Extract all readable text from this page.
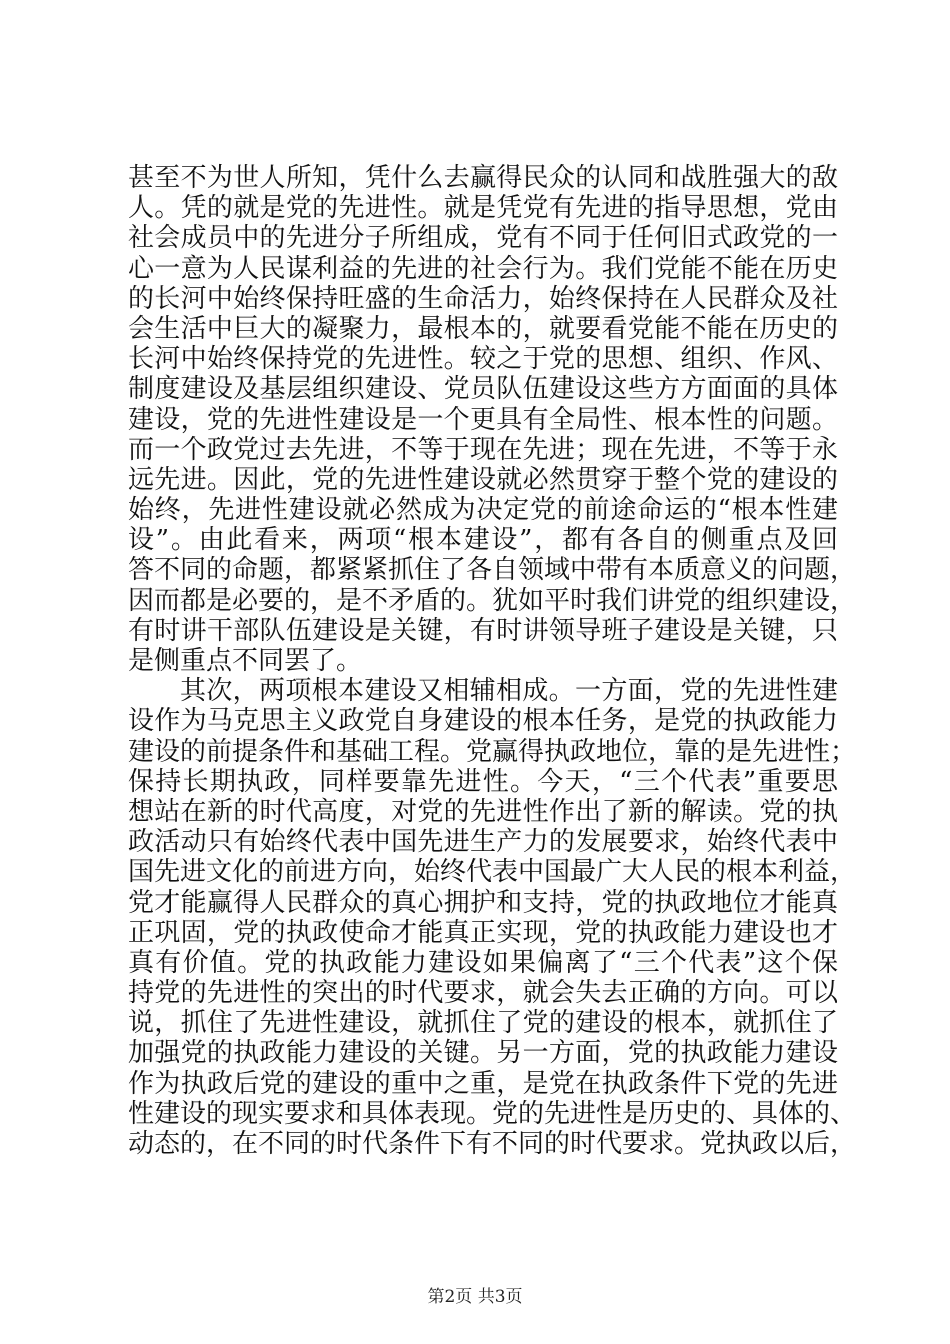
甚至不为世人所知，凭什么去赢得民众的认同和战胜强大的敌
人。凭的就是党的先进性。就是凭党有先进的指导思想，党由
社会成员中的先进分子所组成，党有不同于任何旧式政党的一
心一意为人民谋利益的先进的社会行为。我们党能不能在历史
的长河中始终保持旺盛的生命活力，始终保持在人民群众及社
会生活中巨大的凝聚力，最根本的，就要看党能不能在历史的
长河中始终保持党的先进性。较之于党的思想、组织、作风、
制度建设及基层组织建设、党员队伍建设这些方方面面的具体
建设，党的先进性建设是一个更具有全局性、根本性的问题。
而一个政党过去先进，不等于现在先进；现在先进，不等于永
远先进。因此，党的先进性建设就必然贯穿于整个党的建设的
始终，先进性建设就必然成为决定党的前途命运的“根本性建
设”。由此看来，两项“根本建设”，都有各自的侧重点及回
答不同的命题，都紧紧抓住了各自领域中带有本质意义的问题，
因而都是必要的，是不矛盾的。犹如平时我们讲党的组织建设，
有时讲干部队伍建设是关键，有时讲领导班子建设是关键，只
是侧重点不同罢了。
其次，两项根本建设又相辅相成。一方面，党的先进性建
设作为马克思主义政党自身建设的根本任务，是党的执政能力
建设的前提条件和基础工程。党赢得执政地位，靠的是先进性；
保持长期执政，同样要靠先进性。今天，“三个代表”重要思
想站在新的时代高度，对党的先进性作出了新的解读。党的执
政活动只有始终代表中国先进生产力的发展要求，始终代表中
国先进文化的前进方向，始终代表中国最广大人民的根本利益，
党才能赢得人民群众的真心拥护和支持，党的执政地位才能真
正巩固，党的执政使命才能真正实现，党的执政能力建设也才
真有价值。党的执政能力建设如果偏离了“三个代表”这个保
持党的先进性的突出的时代要求，就会失去正确的方向。可以
说，抓住了先进性建设，就抓住了党的建设的根本，就抓住了
加强党的执政能力建设的关键。另一方面，党的执政能力建设
作为执政后党的建设的重中之重，是党在执政条件下党的先进
性建设的现实要求和具体表现。党的先进性是历史的、具体的、
动态的，在不同的时代条件下有不同的时代要求。党执政以后，
第2页 共3页
